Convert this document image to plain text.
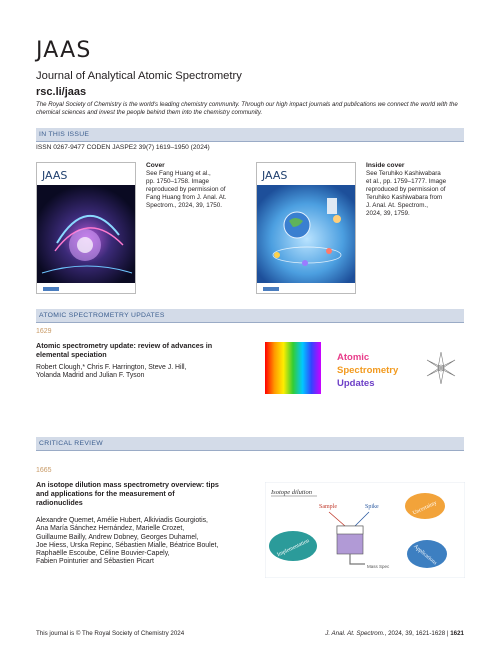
JAAS
Journal of Analytical Atomic Spectrometry
rsc.li/jaas
The Royal Society of Chemistry is the world's leading chemistry community. Through our high impact journals and publications we connect the world with the chemical sciences and invest the people behind them into the chemistry community.
IN THIS ISSUE
ISSN 0267-9477 CODEN JASPE2 39(7) 1619–1950 (2024)
JAAS
Cover
See Fang Huang et al.,
pp. 1750–1758. Image
reproduced by permission of
Fang Huang from J. Anal. At.
Spectrom., 2024, 39, 1750.
JAAS
Inside cover
See Teruhiko Kashiwabara
et al., pp. 1759–1777. Image
reproduced by permission of
Teruhiko Kashiwabara from
J. Anal. At. Spectrom.,
2024, 39, 1759.
ATOMIC SPECTROMETRY UPDATES
1629
Atomic spectrometry update: review of advances in
elemental speciation
Robert Clough,* Chris F. Harrington, Steve J. Hill,
Yolanda Madrid and Julian F. Tyson
Atomic
Spectrometry
Updates
CRITICAL REVIEW
1665
An isotope dilution mass spectrometry overview: tips
and applications for the measurement of
radionuclides
Alexandre Quemet, Amélie Hubert, Alkiviadis Gourgiotis,
Ana María Sánchez Hernández, Marielle Crozet,
Guillaume Bailly, Andrew Dobney, Georges Duhamel,
Joe Hiess, Urska Repinc, Sébastien Mialle, Béatrice Boulet,
Raphaëlle Escoube, Céline Bouvier-Capely,
Fabien Pointurier and Sébastien Picart
Isotope dilution
Sample	Spike
Mass Spec
Uncertainty
Implementation	Applications
This journal is © The Royal Society of Chemistry 2024	J. Anal. At. Spectrom., 2024, 39, 1621-1628 | 1621
